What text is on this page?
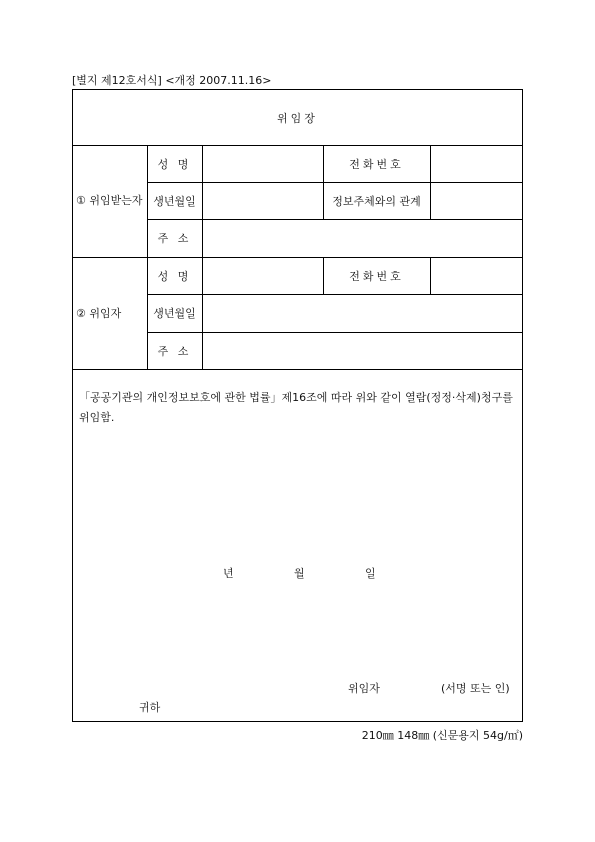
[별지 제12호서식] <개정 2007.11.16>
위임장
① 위임받는자
성 명	전화번호
생년월일	정보주체와의 관계
주 소
② 위임자
성 명	전화번호
생년월일
주 소
「공공기관의 개인정보보호에 관한 법률」제16조에 따라 위와 같이 열람(정정·삭제)청구를 위임함.
년	월	일
위임자	(서명 또는 인)
귀하
210㎜ 148㎜ (신문용지 54g/㎡)
